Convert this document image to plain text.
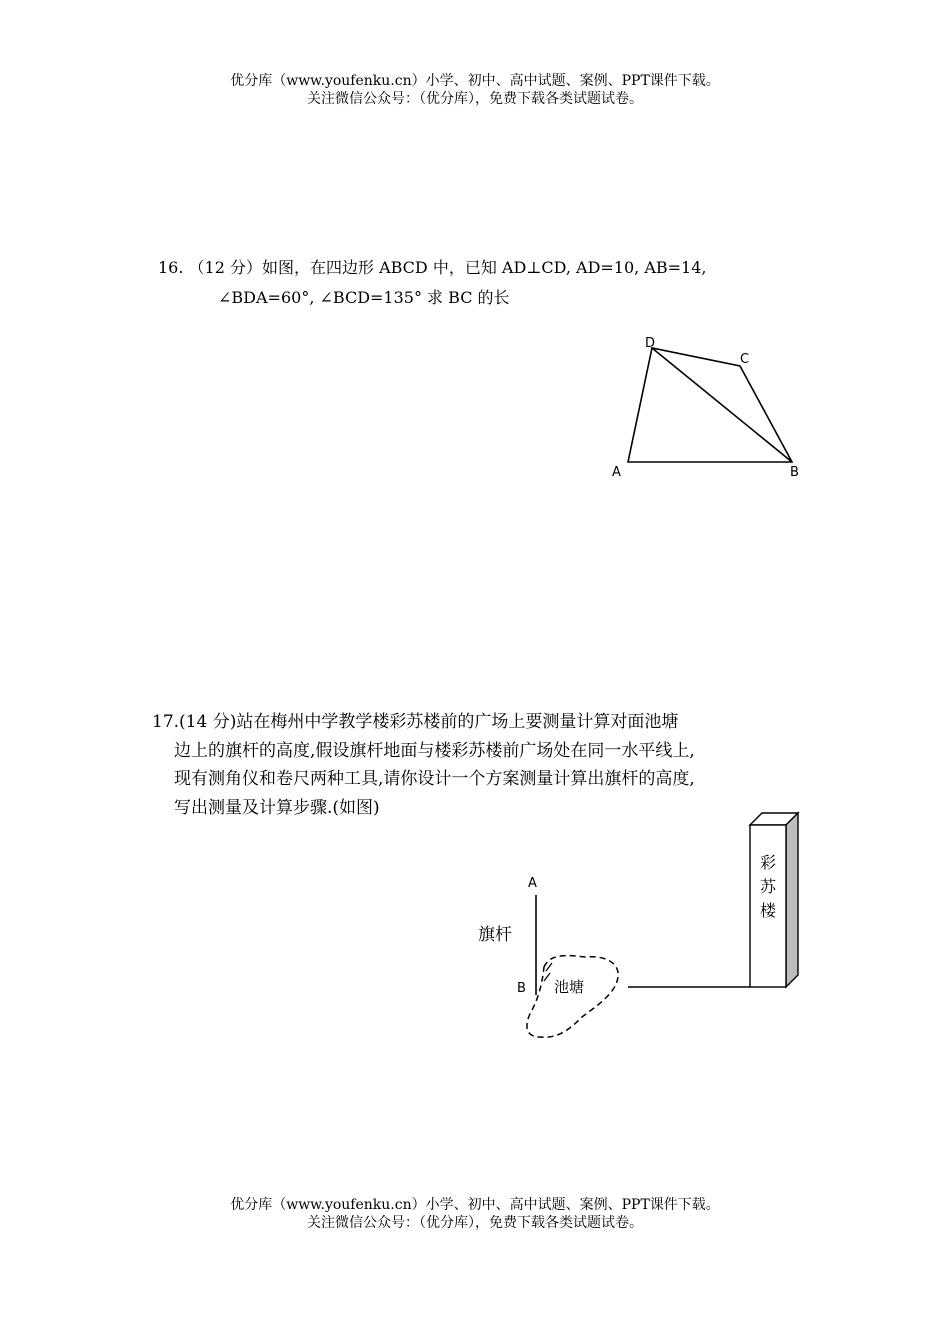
优分库（www.youfenku.cn）小学、初中、高中试题、案例、PPT课件下载。
关注微信公众号：（优分库），免费下载各类试题试卷。
16. （12 分）如图，在四边形 ABCD 中，已知 AD⊥CD, AD=10, AB=14,
∠BDA=60°, ∠BCD=135° 求 BC 的长
D
C
A	B
17.(14 分)站在梅州中学教学楼彩苏楼前的广场上要测量计算对面池塘
边上的旗杆的高度,假设旗杆地面与楼彩苏楼前广场处在同一水平线上,
现有测角仪和卷尺两种工具,请你设计一个方案测量计算出旗杆的高度,
写出测量及计算步骤.(如图)
彩
苏
楼
A
B
旗杆
池塘
优分库（www.youfenku.cn）小学、初中、高中试题、案例、PPT课件下载。
关注微信公众号：（优分库），免费下载各类试题试卷。
